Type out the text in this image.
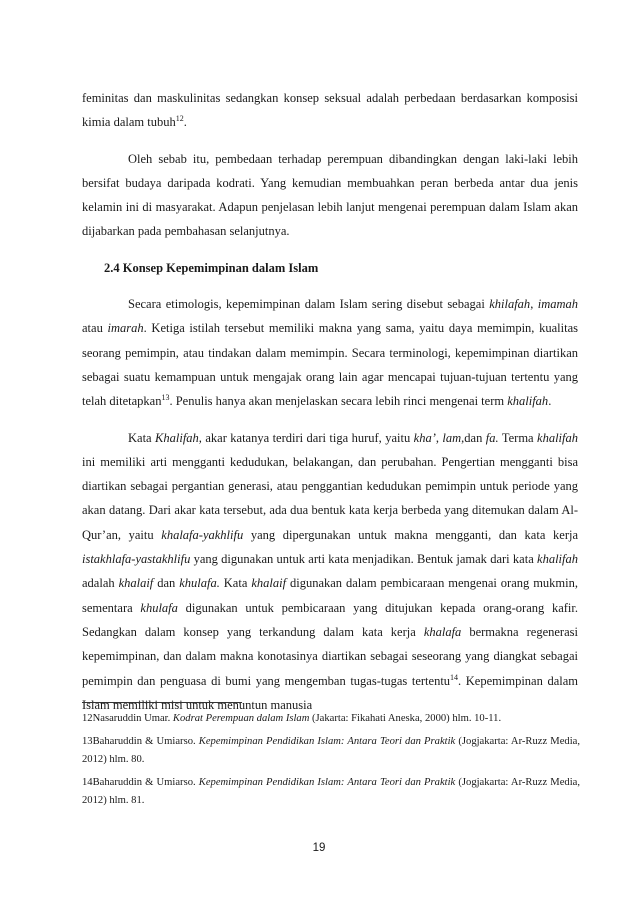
feminitas dan maskulinitas sedangkan konsep seksual adalah perbedaan berdasarkan komposisi kimia dalam tubuh$^{12}$.

Oleh sebab itu, pembedaan terhadap perempuan dibandingkan dengan laki-laki lebih bersifat budaya daripada kodrati. Yang kemudian membuahkan peran berbeda antar dua jenis kelamin ini di masyarakat. Adapun penjelasan lebih lanjut mengenai perempuan dalam Islam akan dijabarkan pada pembahasan selanjutnya.

2.4 Konsep Kepemimpinan dalam Islam

Secara etimologis, kepemimpinan dalam Islam sering disebut sebagai khilafah, imamah atau imarah. Ketiga istilah tersebut memiliki makna yang sama, yaitu daya memimpin, kualitas seorang pemimpin, atau tindakan dalam memimpin. Secara terminologi, kepemimpinan diartikan sebagai suatu kemampuan untuk mengajak orang lain agar mencapai tujuan-tujuan tertentu yang telah ditetapkan$^{13}$. Penulis hanya akan menjelaskan secara lebih rinci mengenai term khalifah.

Kata Khalifah, akar katanya terdiri dari tiga huruf, yaitu kha’, lam,dan fa. Terma khalifah ini memiliki arti mengganti kedudukan, belakangan, dan perubahan. Pengertian mengganti bisa diartikan sebagai pergantian generasi, atau penggantian kedudukan pemimpin untuk periode yang akan datang. Dari akar kata tersebut, ada dua bentuk kata kerja berbeda yang ditemukan dalam Al-Qur’an, yaitu khalafa-yakhlifu yang dipergunakan untuk makna mengganti, dan kata kerja istakhlafa-yastakhlifu yang digunakan untuk arti kata menjadikan. Bentuk jamak dari kata khalifah adalah khalaif dan khulafa. Kata khalaif digunakan dalam pembicaraan mengenai orang mukmin, sementara khulafa digunakan untuk pembicaraan yang ditujukan kepada orang-orang kafir. Sedangkan dalam konsep yang terkandung dalam kata kerja khalafa bermakna regenerasi kepemimpinan, dan dalam makna konotasinya diartikan sebagai seseorang yang diangkat sebagai pemimpin dan penguasa di bumi yang mengemban tugas-tugas tertentu$^{14}$. Kepemimpinan dalam Islam memiliki misi untuk menuntun manusia

12Nasaruddin Umar. Kodrat Perempuan dalam Islam (Jakarta: Fikahati Aneska, 2000) hlm. 10-11.

13Baharuddin & Umiarso. Kepemimpinan Pendidikan Islam: Antara Teori dan Praktik (Jogjakarta: Ar-Ruzz Media, 2012) hlm. 80.

14Baharuddin & Umiarso. Kepemimpinan Pendidikan Islam: Antara Teori dan Praktik (Jogjakarta: Ar-Ruzz Media, 2012) hlm. 81.

19
